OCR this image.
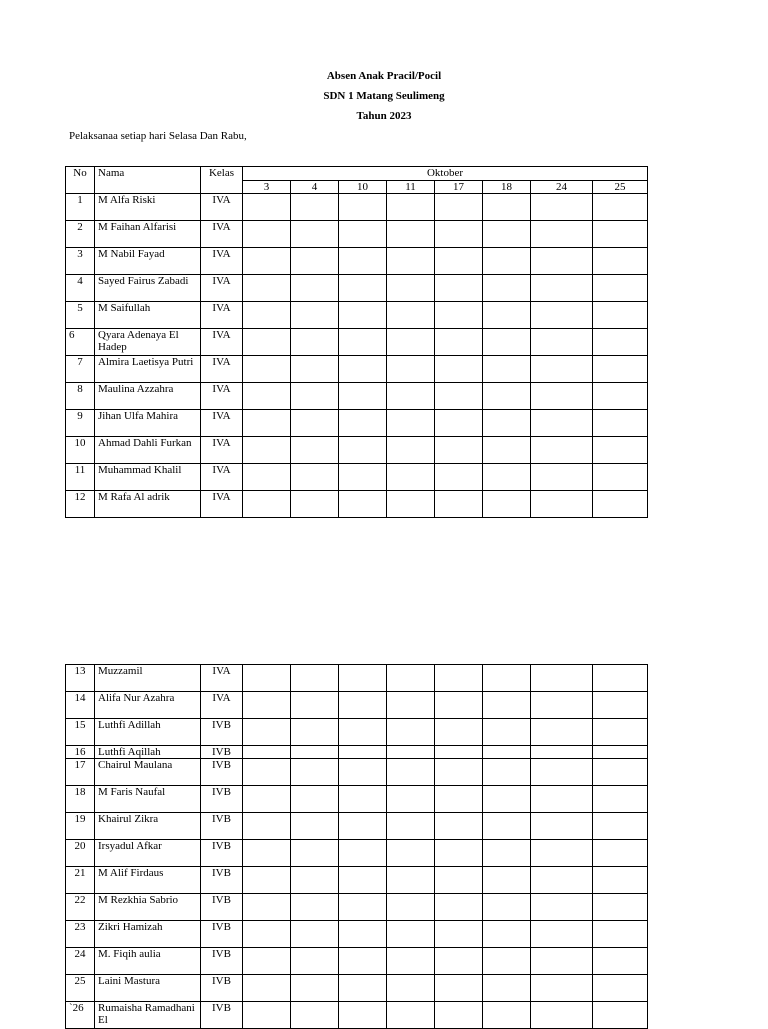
Absen Anak Pracil/Pocil
SDN 1 Matang Seulimeng
Tahun 2023
Pelaksanaa setiap hari Selasa Dan Rabu,
No	Nama	Kelas	Oktober							
			3	4	10	11	17	18	24	25
1	M Alfa Riski	IVA								
2	M Faihan Alfarisi	IVA								
3	M Nabil Fayad	IVA								
4	Sayed Fairus Zabadi	IVA								
5	M Saifullah	IVA								
6	Qyara Adenaya El Hadep	IVA								
7	Almira Laetisya Putri	IVA								
8	Maulina Azzahra	IVA								
9	Jihan Ulfa Mahira	IVA								
10	Ahmad Dahli Furkan	IVA								
11	Muhammad Khalil	IVA								
12	M Rafa Al adrik	IVA								
13	Muzzamil	IVA								
14	Alifa Nur Azahra	IVA								
15	Luthfi Adillah	IVB								
16	Luthfi Aqillah	IVB								
17	Chairul Maulana	IVB								
18	M Faris Naufal	IVB								
19	Khairul Zikra	IVB								
20	Irsyadul Afkar	IVB								
21	M Alif Firdaus	IVB								
22	M Rezkhia Sabrio	IVB								
23	Zikri Hamizah	IVB								
24	M. Fiqih aulia	IVB								
25	Laini Mastura	IVB								
`26	Rumaisha Ramadhani El	IVB								
